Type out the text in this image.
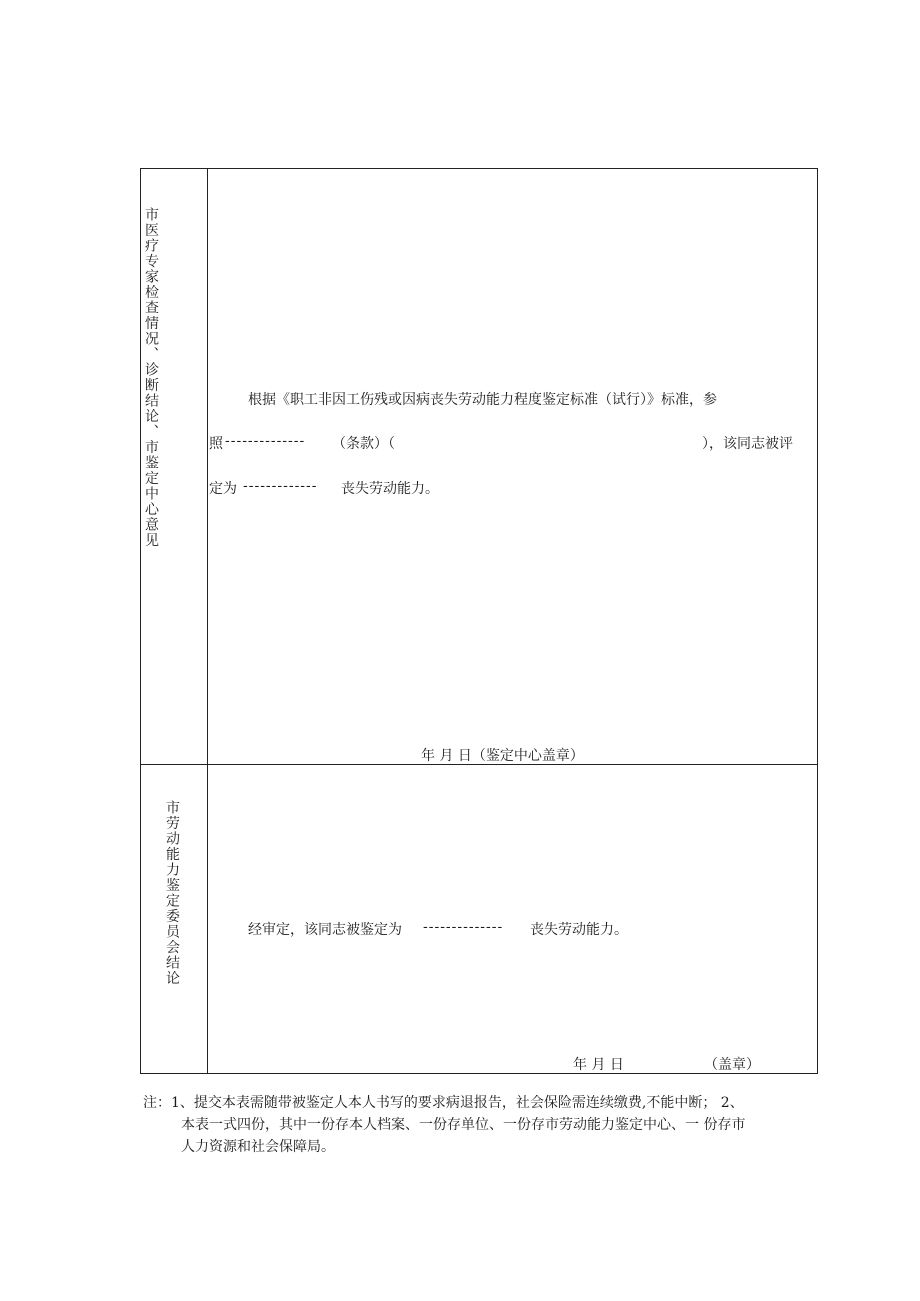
市医疗专家检查情况、诊断结论、市鉴定中心意见	根据《职工非因工伤残或因病丧失劳动能力程度鉴定标准（试行）》标准，参
照 -------------- （条款）（	），该同志被评
定为 ------------- 丧失劳动能力。
年 月 日（鉴定中心盖章）
市劳动能力鉴定委员会结论	经审定，该同志被鉴定为 -------------- 丧失劳动能力。
年 月 日	（盖章）
注：1、提交本表需随带被鉴定人本人书写的要求病退报告，社会保险需连续缴费,不能中断； 2、
本表一式四份，其中一份存本人档案、一份存单位、一份存市劳动能力鉴定中心、一 份存市
人力资源和社会保障局。
